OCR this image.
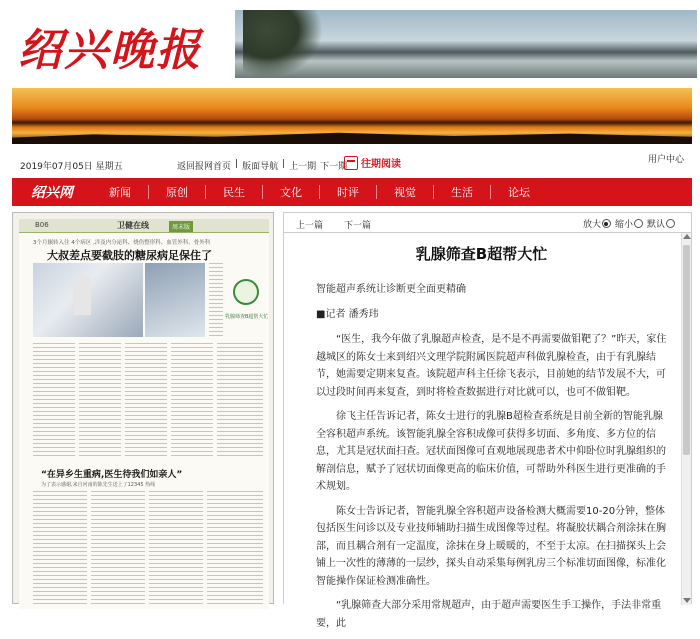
绍兴晚报
2019年07月05日 星期五	返回报网首页 | 版面导航 | 上一期 下一期 往期阅读	用户中心
绍兴网	新闻	原创	民生	文化	时评	视觉	生活	论坛
B06	卫健在线	周末版
3个月辗转入住 4个病区 ,涉及内分泌科、烧伤整形科、血管外科、骨外科
大叔差点要截肢的糖尿病足保住了
乳腺筛查B超帮大忙
“在异乡生重病,医生待我们如亲人”
为了表示感谢,来自河南的陈先生送上了12345 热线
上一篇 下一篇	放大 缩小 默认
乳腺筛查B超帮大忙
智能超声系统让诊断更全面更精确
■记者 潘秀玮

“医生，我今年做了乳腺超声检查，是不是不再需要做钼靶了？”昨天，家住越城区的陈女士来到绍兴文理学院附属医院超声科做乳腺检查，由于有乳腺结节，她需要定期来复查。该院超声科主任徐飞表示，目前她的结节发展不大，可以过段时间再来复查，到时将检查数据进行对比就可以，也可不做钼靶。

徐飞主任告诉记者，陈女士进行的乳腺B超检查系统是目前全新的智能乳腺全容积超声系统。该智能乳腺全容积成像可获得多切面、多角度、多方位的信息，尤其是冠状面扫查。冠状面图像可直观地展现患者术中仰卧位时乳腺组织的解剖信息，赋予了冠状切面像更高的临床价值，可帮助外科医生进行更准确的手术规划。

陈女士告诉记者，智能乳腺全容积超声设备检测大概需要10-20分钟，整体包括医生问诊以及专业技师辅助扫描生成图像等过程。将凝胶状耦合剂涂抹在胸部，而且耦合剂有一定温度，涂抹在身上暖暖的，不至于太凉。在扫描探头上会铺上一次性的薄薄的一层纱，探头自动采集每例乳房三个标准切面图像，标准化智能操作保证检测准确性。

“乳腺筛查大部分采用常规超声，由于超声需要医生手工操作，手法非常重要，此
